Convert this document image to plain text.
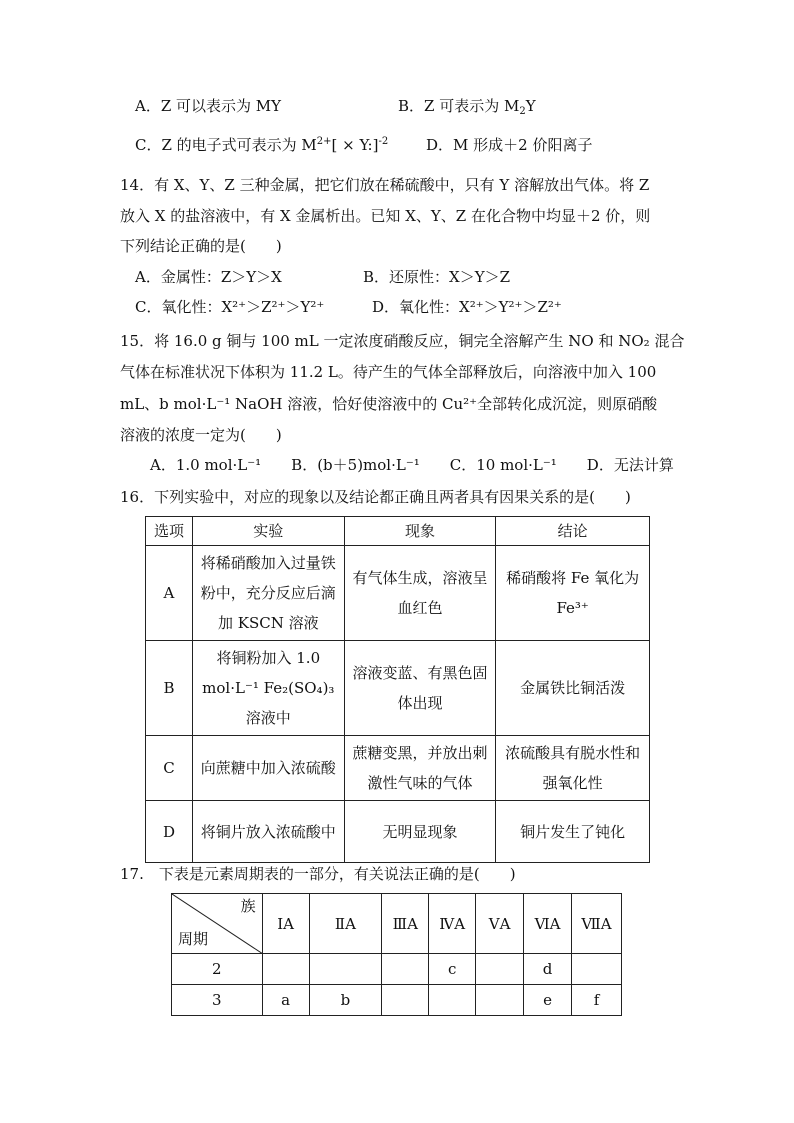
A．Z 可以表示为 MY	B．Z 可表示为 $M_2Y$
C．Z 的电子式可表示为 $M^{2+}$[ × Y:]$^{-2}$	D．M 形成＋2 价阳离子
14．有 X、Y、Z 三种金属，把它们放在稀硫酸中，只有 Y 溶解放出气体。将 Z
放入 X 的盐溶液中，有 X 金属析出。已知 X、Y、Z 在化合物中均显＋2 价，则
下列结论正确的是(　　)
A．金属性：Z＞Y＞X	B．还原性：X＞Y＞Z
C．氧化性：X²⁺＞Z²⁺＞Y²⁺	D．氧化性：X²⁺＞Y²⁺＞Z²⁺
15．将 16.0 g 铜与 100 mL 一定浓度硝酸反应，铜完全溶解产生 NO 和 NO₂ 混合
气体在标准状况下体积为 11.2 L。待产生的气体全部释放后，向溶液中加入 100
mL、b mol·L⁻¹ NaOH 溶液，恰好使溶液中的 Cu²⁺全部转化成沉淀，则原硝酸
溶液的浓度一定为(　　)
A．1.0 mol·L⁻¹　　B．(b＋5)mol·L⁻¹　　C．10 mol·L⁻¹　　D．无法计算
16．下列实验中，对应的现象以及结论都正确且两者具有因果关系的是(　　)
选项	实验	现象	结论
A	将稀硝酸加入过量铁粉中，充分反应后滴加 KSCN 溶液	有气体生成，溶液呈血红色	稀硝酸将 Fe 氧化为 Fe³⁺
B	将铜粉加入 1.0 mol·L⁻¹ Fe₂(SO₄)₃ 溶液中	溶液变蓝、有黑色固体出现	金属铁比铜活泼
C	向蔗糖中加入浓硫酸	蔗糖变黑，并放出刺激性气味的气体	浓硫酸具有脱水性和强氧化性
D	将铜片放入浓硫酸中	无明显现象	铜片发生了钝化
17.　下表是元素周期表的一部分，有关说法正确的是(　　)
族
周期	ⅠA	ⅡA	ⅢA	ⅣA	ⅤA	ⅥA	ⅦA
2				c		d	
3	a	b				e	f
